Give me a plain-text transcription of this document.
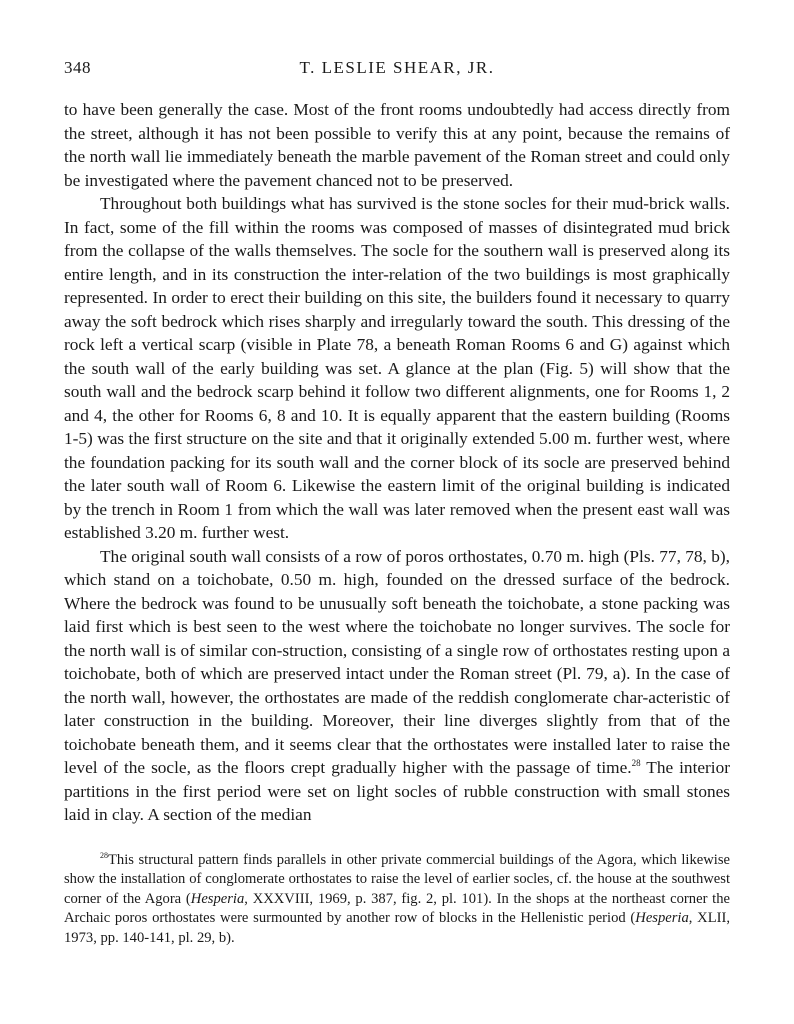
348	T. LESLIE SHEAR, JR.

to have been generally the case. Most of the front rooms undoubtedly had access directly from the street, although it has not been possible to verify this at any point, because the remains of the north wall lie immediately beneath the marble pavement of the Roman street and could only be investigated where the pavement chanced not to be preserved.

Throughout both buildings what has survived is the stone socles for their mud-brick walls. In fact, some of the fill within the rooms was composed of masses of disintegrated mud brick from the collapse of the walls themselves. The socle for the southern wall is preserved along its entire length, and in its construction the inter-relation of the two buildings is most graphically represented. In order to erect their building on this site, the builders found it necessary to quarry away the soft bedrock which rises sharply and irregularly toward the south. This dressing of the rock left a vertical scarp (visible in Plate 78, a beneath Roman Rooms 6 and G) against which the south wall of the early building was set. A glance at the plan (Fig. 5) will show that the south wall and the bedrock scarp behind it follow two different alignments, one for Rooms 1, 2 and 4, the other for Rooms 6, 8 and 10. It is equally apparent that the eastern building (Rooms 1-5) was the first structure on the site and that it originally extended 5.00 m. further west, where the foundation packing for its south wall and the corner block of its socle are preserved behind the later south wall of Room 6. Likewise the eastern limit of the original building is indicated by the trench in Room 1 from which the wall was later removed when the present east wall was established 3.20 m. further west.

The original south wall consists of a row of poros orthostates, 0.70 m. high (Pls. 77, 78, b), which stand on a toichobate, 0.50 m. high, founded on the dressed surface of the bedrock. Where the bedrock was found to be unusually soft beneath the toichobate, a stone packing was laid first which is best seen to the west where the toichobate no longer survives. The socle for the north wall is of similar con-struction, consisting of a single row of orthostates resting upon a toichobate, both of which are preserved intact under the Roman street (Pl. 79, a). In the case of the north wall, however, the orthostates are made of the reddish conglomerate char-acteristic of later construction in the building. Moreover, their line diverges slightly from that of the toichobate beneath them, and it seems clear that the orthostates were installed later to raise the level of the socle, as the floors crept gradually higher with the passage of time.$^{28}$ The interior partitions in the first period were set on light socles of rubble construction with small stones laid in clay. A section of the median

$^{28}$This structural pattern finds parallels in other private commercial buildings of the Agora, which likewise show the installation of conglomerate orthostates to raise the level of earlier socles, cf. the house at the southwest corner of the Agora (Hesperia, XXXVIII, 1969, p. 387, fig. 2, pl. 101). In the shops at the northeast corner the Archaic poros orthostates were surmounted by another row of blocks in the Hellenistic period (Hesperia, XLII, 1973, pp. 140-141, pl. 29, b).
